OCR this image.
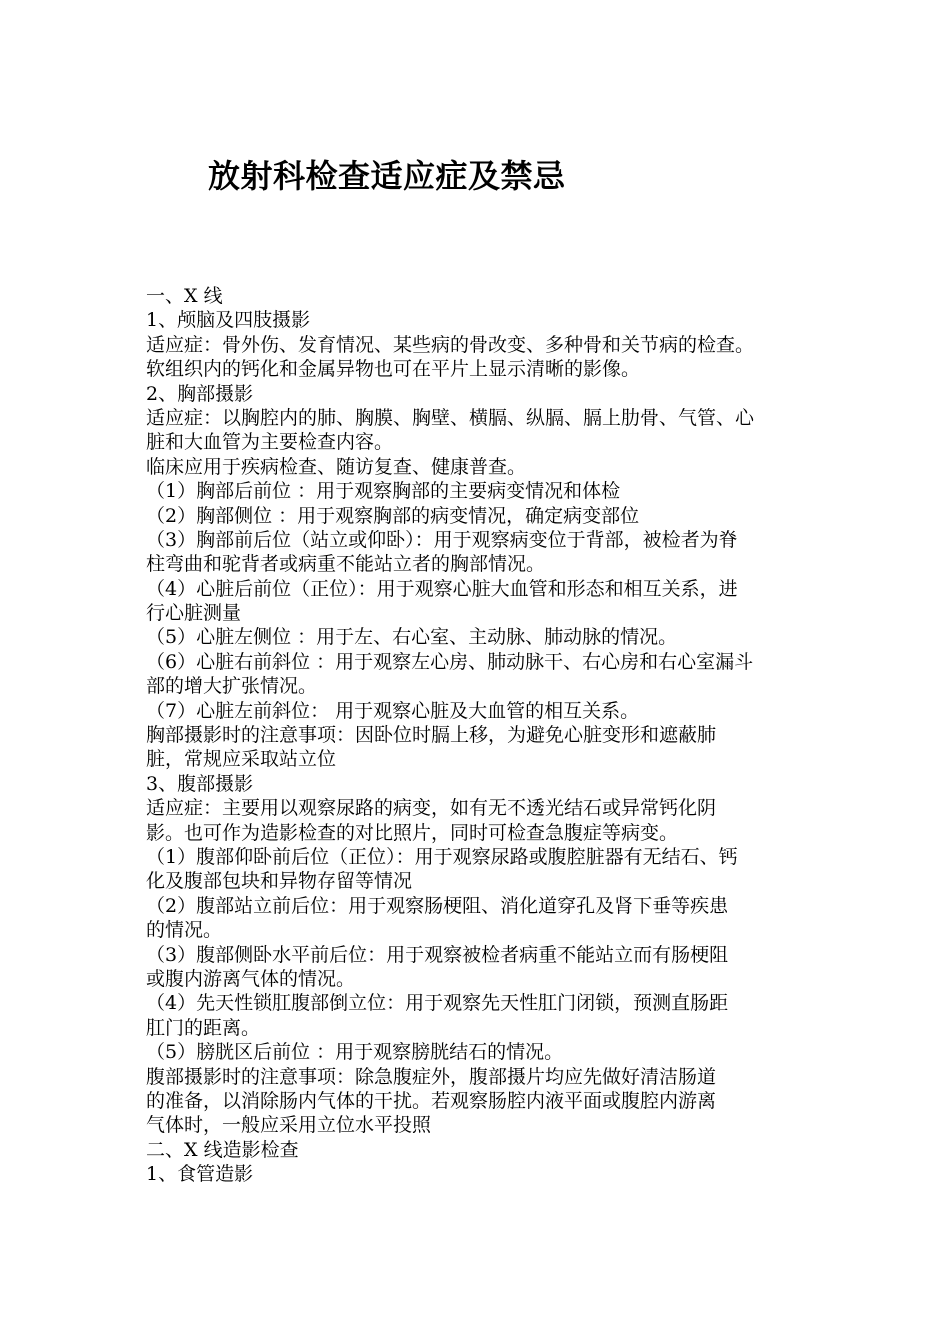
放射科检查适应症及禁忌
一、X 线
1、颅脑及四肢摄影
适应症：骨外伤、发育情况、某些病的骨改变、多种骨和关节病的检查。
软组织内的钙化和金属异物也可在平片上显示清晰的影像。
2、胸部摄影
适应症：以胸腔内的肺、胸膜、胸壁、横膈、纵膈、膈上肋骨、气管、心
脏和大血管为主要检查内容。
临床应用于疾病检查、随访复查、健康普查。
（1）胸部后前位 ：用于观察胸部的主要病变情况和体检
（2）胸部侧位 ：用于观察胸部的病变情况，确定病变部位
（3）胸部前后位（站立或仰卧）：用于观察病变位于背部，被检者为脊
柱弯曲和驼背者或病重不能站立者的胸部情况。
（4）心脏后前位（正位）：用于观察心脏大血管和形态和相互关系，进
行心脏测量
（5）心脏左侧位 ：用于左、右心室、主动脉、肺动脉的情况。
（6）心脏右前斜位 ：用于观察左心房、肺动脉干、右心房和右心室漏斗
部的增大扩张情况。
（7）心脏左前斜位： 用于观察心脏及大血管的相互关系。
胸部摄影时的注意事项：因卧位时膈上移，为避免心脏变形和遮蔽肺
脏，常规应采取站立位
3、腹部摄影
适应症：主要用以观察尿路的病变，如有无不透光结石或异常钙化阴
影。也可作为造影检查的对比照片，同时可检查急腹症等病变。
（1）腹部仰卧前后位（正位）：用于观察尿路或腹腔脏器有无结石、钙
化及腹部包块和异物存留等情况
（2）腹部站立前后位：用于观察肠梗阻、消化道穿孔及肾下垂等疾患
的情况。
（3）腹部侧卧水平前后位：用于观察被检者病重不能站立而有肠梗阻
或腹内游离气体的情况。
（4）先天性锁肛腹部倒立位：用于观察先天性肛门闭锁，预测直肠距
肛门的距离。
（5）膀胱区后前位 ：用于观察膀胱结石的情况。
腹部摄影时的注意事项：除急腹症外，腹部摄片均应先做好清洁肠道
的准备，以消除肠内气体的干扰。若观察肠腔内液平面或腹腔内游离
气体时，一般应采用立位水平投照
二、X 线造影检查
1、食管造影
